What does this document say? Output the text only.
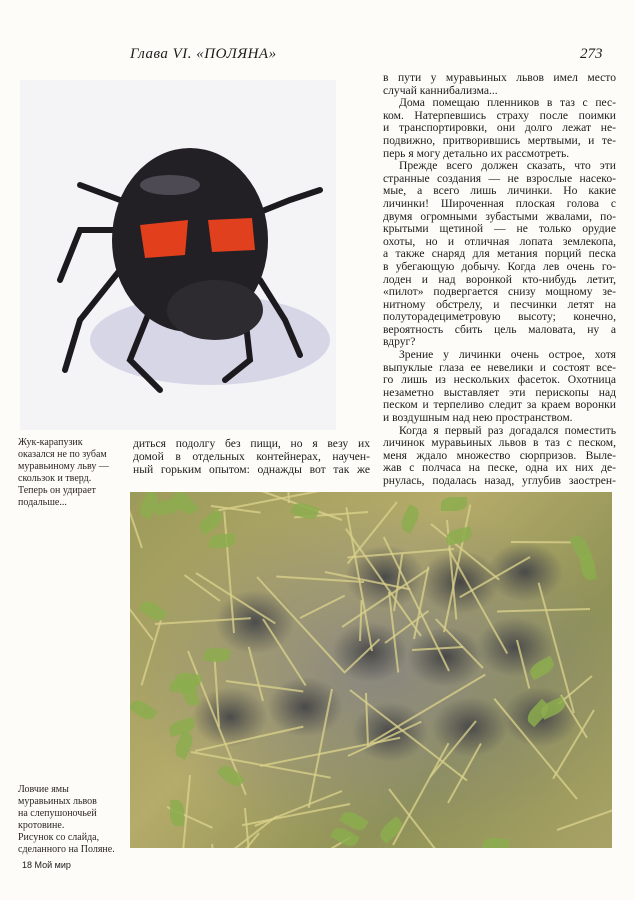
Глава VI. «ПОЛЯНА»	273
в пути у муравьиных львов имел место
случай каннибализма...
Дома помещаю пленников в таз с пес-
ком. Натерпевшись страху после поимки
и транспортировки, они долго лежат не-
подвижно, притворившись мертвыми, и те-
перь я могу детально их рассмотреть.
Прежде всего должен сказать, что эти
странные создания — не взрослые насеко-
мые, а всего лишь личинки. Но какие
личинки! Широченная плоская голова с
двумя огромными зубастыми жвалами, по-
крытыми щетиной — не только орудие
охоты, но и отличная лопата землекопа,
а также снаряд для метания порций песка
в убегающую добычу. Когда лев очень го-
лоден и над воронкой кто-нибудь летит,
«пилот» подвергается снизу мощному зе-
нитному обстрелу, и песчинки летят на
полутoрадециметровую высоту; конечно,
вероятность сбить цель маловата, ну а
вдруг?
Зрение у личинки очень острое, хотя
выпуклые глаза ее невелики и состоят все-
го лишь из нескольких фасеток. Охотница
незаметно выставляет эти перископы над
песком и терпеливо следит за краем воронки
и воздушным над нею пространством.
Когда я первый раз догадался поместить
личинок муравьиных львов в таз с песком,
меня ждало множество сюрпризов. Выле-
жав с полчаса на песке, одна их них де-
рнулась, подалась назад, углубив заострен-
диться подолгу без пищи, но я везу их
домой в отдельных контейнерах, научен-
ный горьким опытом: однажды вот так же
Жук-карапузик
оказался не по зубам
муравьиному льву —
скользок и тверд.
Теперь он удирает
подальше...
Ловчие ямы
муравьиных львов
на слепушоночьей
кротовине.
Рисунок со слайда,
сделанного на Поляне.
18 Мой мир
